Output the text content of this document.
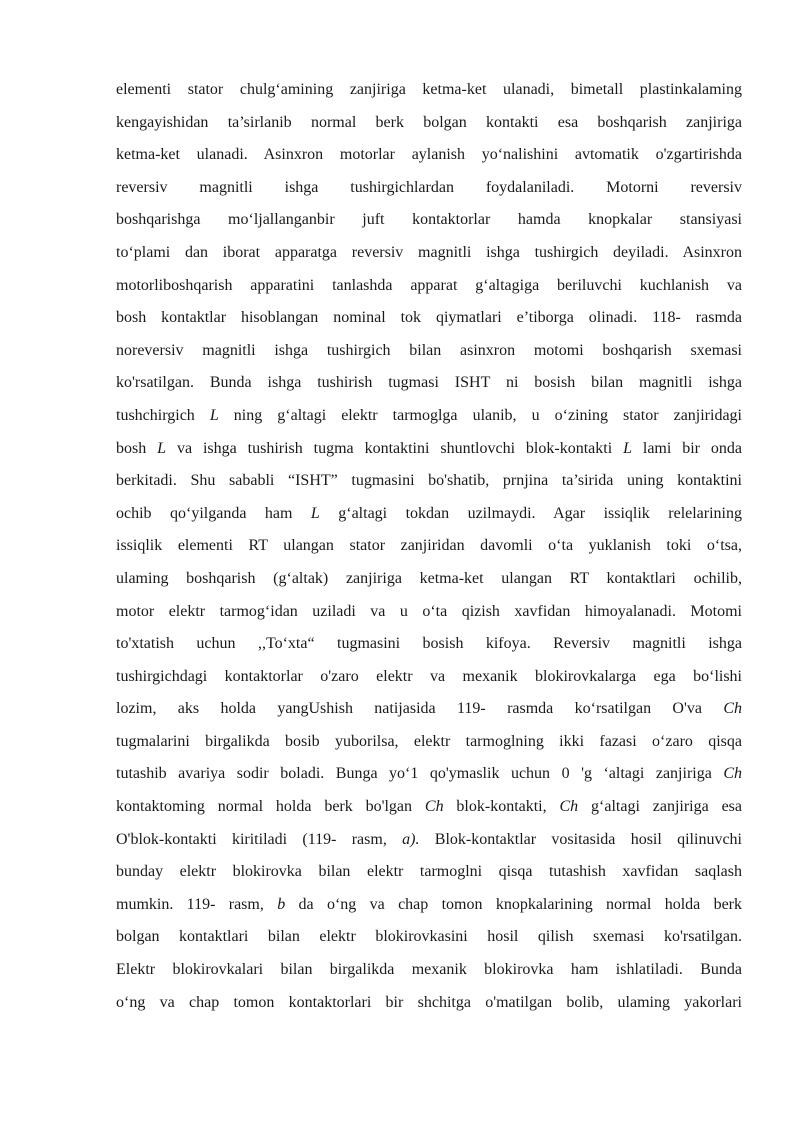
elementi stator chulg‘amining zanjiriga ketma-ket ulanadi, bimetall plastinkalaming
kengayishidan ta’sirlanib normal berk bolgan kontakti esa boshqarish zanjiriga
ketma-ket ulanadi. Asinxron motorlar aylanish yo‘nalishini avtomatik o'zgartirishda
reversiv magnitli ishga tushirgichlardan foydalaniladi. Motorni reversiv
boshqarishga mo‘ljallanganbir juft kontaktorlar hamda knopkalar stansiyasi
to‘plami dan iborat apparatga reversiv magnitli ishga tushirgich deyiladi. Asinxron
motorliboshqarish apparatini tanlashda apparat g‘altagiga beriluvchi kuchlanish va
bosh kontaktlar hisoblangan nominal tok qiymatlari e’tiborga olinadi. 118- rasmda
noreversiv magnitli ishga tushirgich bilan asinxron motomi boshqarish sxemasi
ko'rsatilgan. Bunda ishga tushirish tugmasi ISHT ni bosish bilan magnitli ishga
tushchirgich L ning g‘altagi elektr tarmoglga ulanib, u o‘zining stator zanjiridagi
bosh L va ishga tushirish tugma kontaktini shuntlovchi blok-kontakti L lami bir onda
berkitadi. Shu sababli “ISHT” tugmasini bo'shatib, prnjina ta’sirida uning kontaktini
ochib qo‘yilganda ham L g‘altagi tokdan uzilmaydi. Agar issiqlik relelarining
issiqlik elementi RT ulangan stator zanjiridan davomli o‘ta yuklanish toki o‘tsa,
ulaming boshqarish (g‘altak) zanjiriga ketma-ket ulangan RT kontaktlari ochilib,
motor elektr tarmog‘idan uziladi va u o‘ta qizish xavfidan himoyalanadi. Motomi
to'xtatish uchun ,,To‘xta“ tugmasini bosish kifoya. Reversiv magnitli ishga
tushirgichdagi kontaktorlar o'zaro elektr va mexanik blokirovkalarga ega bo‘lishi
lozim, aks holda yangUshish natijasida 119- rasmda ko‘rsatilgan O'va Ch
tugmalarini birgalikda bosib yuborilsa, elektr tarmoglning ikki fazasi o‘zaro qisqa
tutashib avariya sodir boladi. Bunga yo‘1 qo'ymaslik uchun 0 'g ‘altagi zanjiriga Ch
kontaktoming normal holda berk bo'lgan Ch blok-kontakti, Ch g‘altagi zanjiriga esa
O'blok-kontakti kiritiladi (119- rasm, a). Blok-kontaktlar vositasida hosil qilinuvchi
bunday elektr blokirovka bilan elektr tarmoglni qisqa tutashish xavfidan saqlash
mumkin. 119- rasm, b da o‘ng va chap tomon knopkalarining normal holda berk
bolgan kontaktlari bilan elektr blokirovkasini hosil qilish sxemasi ko'rsatilgan.
Elektr blokirovkalari bilan birgalikda mexanik blokirovka ham ishlatiladi. Bunda
o‘ng va chap tomon kontaktorlari bir shchitga o'matilgan bolib, ulaming yakorlari
